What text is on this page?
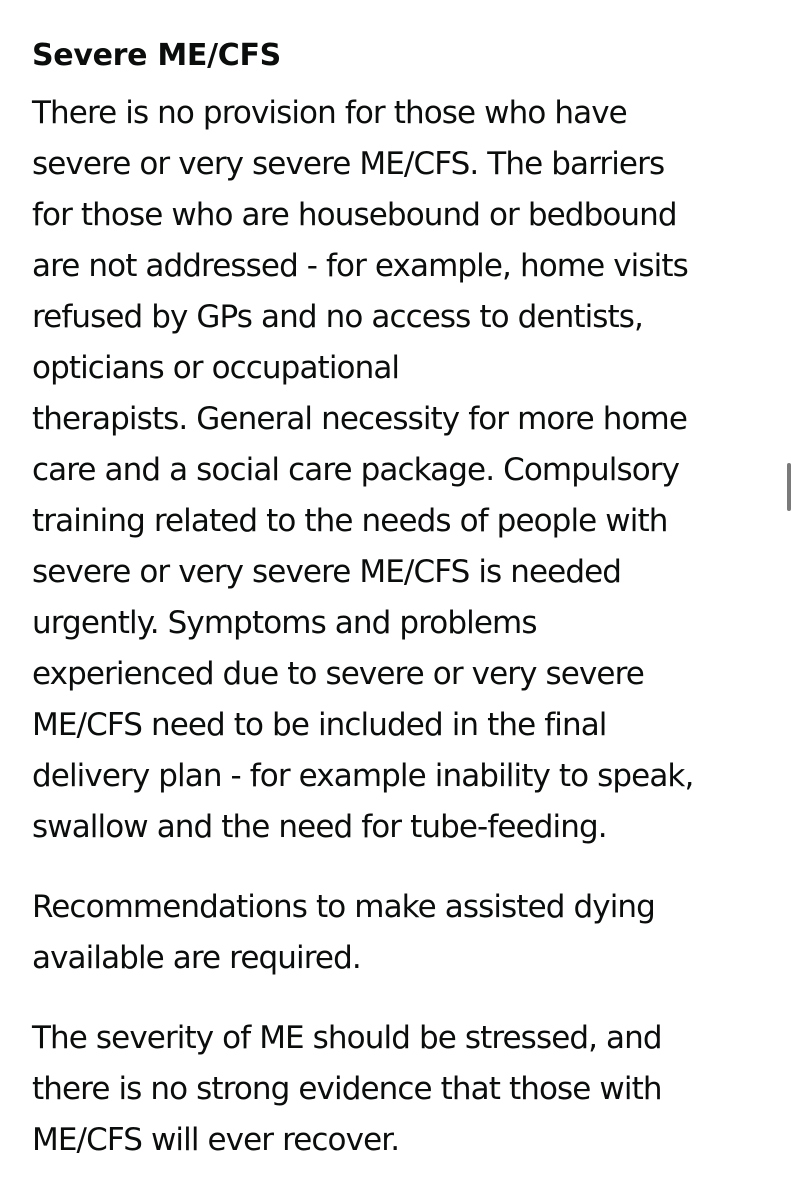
Severe ME/CFS

There is no provision for those who have
severe or very severe ME/CFS. The barriers
for those who are housebound or bedbound
are not addressed - for example, home visits
refused by GPs and no access to dentists,
opticians or occupational
therapists. General necessity for more home
care and a social care package. Compulsory
training related to the needs of people with
severe or very severe ME/CFS is needed
urgently. Symptoms and problems
experienced due to severe or very severe
ME/CFS need to be included in the final
delivery plan - for example inability to speak,
swallow and the need for tube-feeding.

Recommendations to make assisted dying
available are required.

The severity of ME should be stressed, and
there is no strong evidence that those with
ME/CFS will ever recover.
